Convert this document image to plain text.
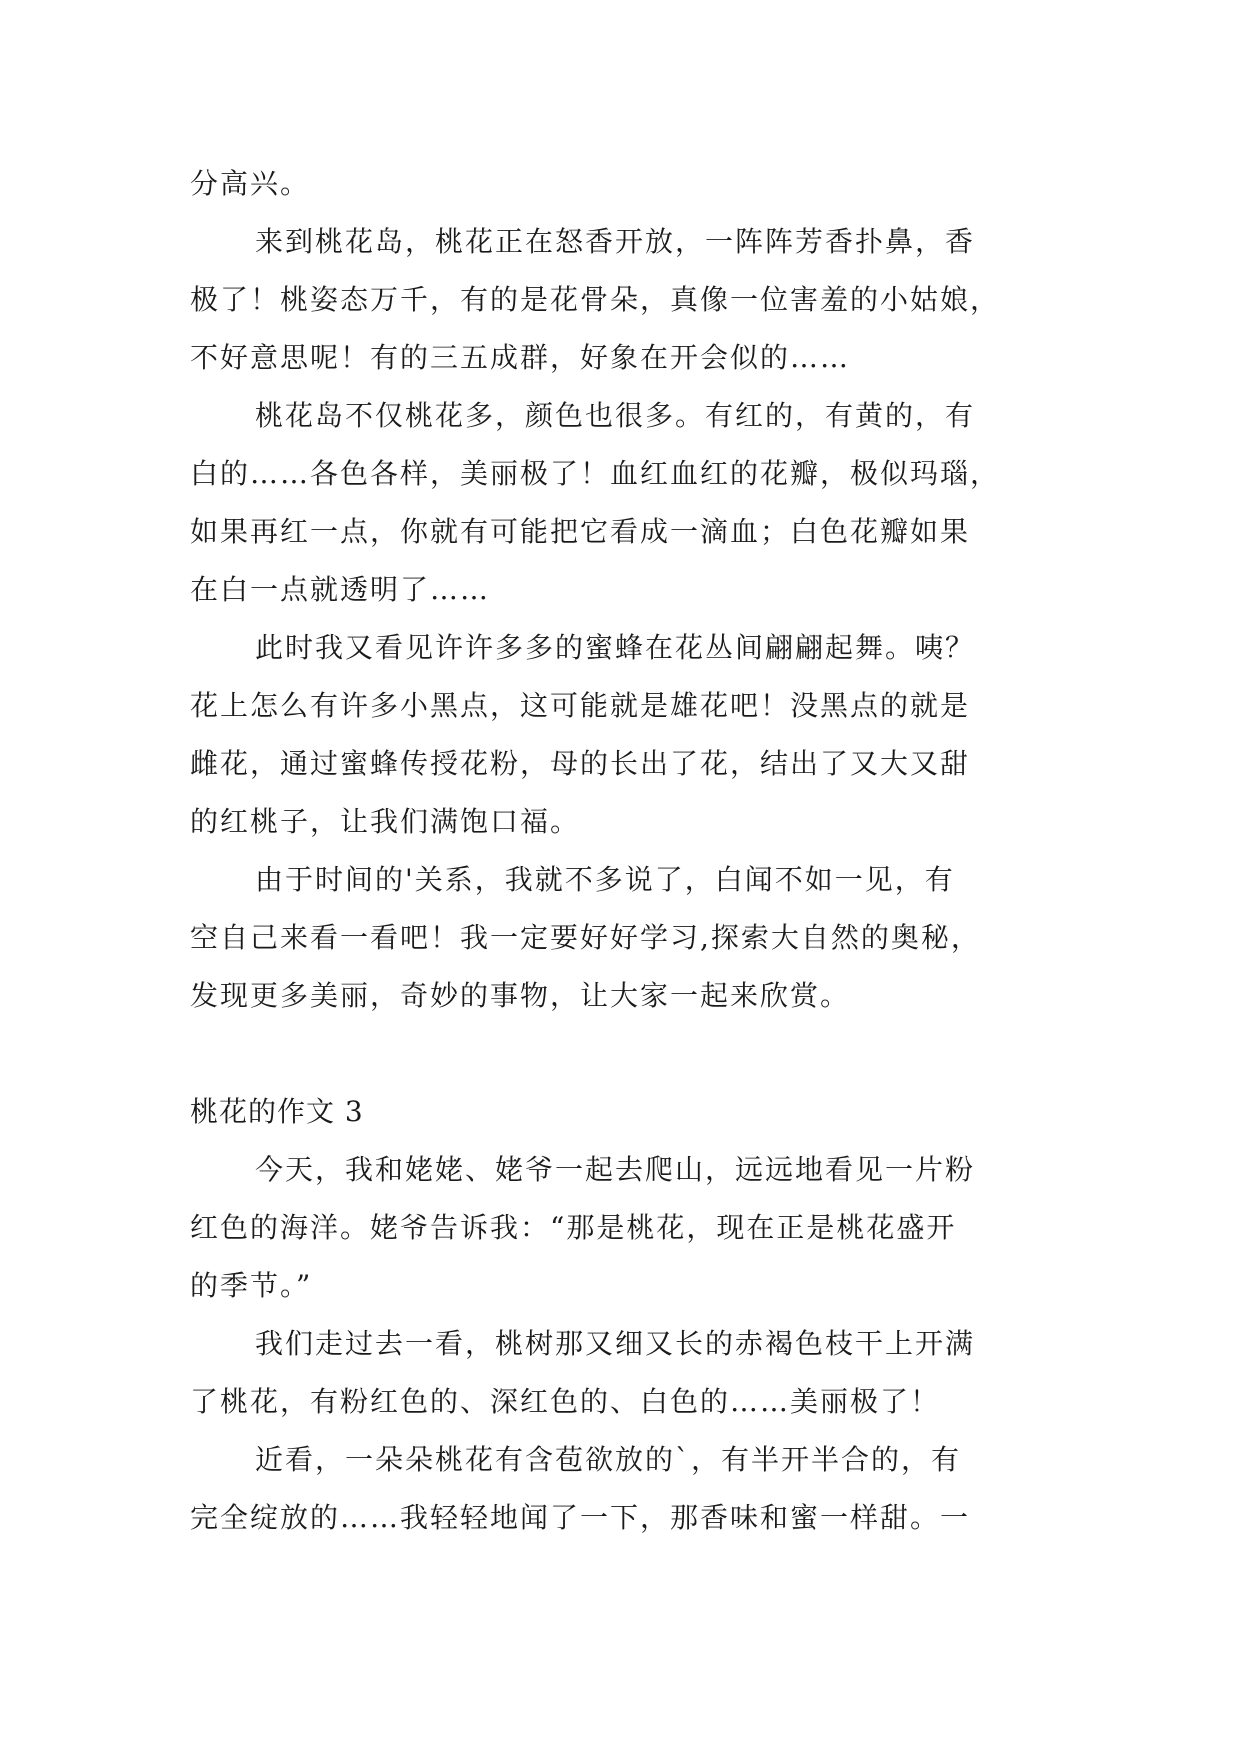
分高兴。
来到桃花岛，桃花正在怒香开放，一阵阵芳香扑鼻，香
极了！桃姿态万千，有的是花骨朵，真像一位害羞的小姑娘，
不好意思呢！有的三五成群，好象在开会似的……
桃花岛不仅桃花多，颜色也很多。有红的，有黄的，有
白的……各色各样，美丽极了！血红血红的花瓣，极似玛瑙，
如果再红一点，你就有可能把它看成一滴血；白色花瓣如果
在白一点就透明了……
此时我又看见许许多多的蜜蜂在花丛间翩翩起舞。咦？
花上怎么有许多小黑点，这可能就是雄花吧！没黑点的就是
雌花，通过蜜蜂传授花粉，母的长出了花，结出了又大又甜
的红桃子，让我们满饱口福。
由于时间的'关系，我就不多说了，白闻不如一见，有
空自己来看一看吧！我一定要好好学习,探索大自然的奥秘，
发现更多美丽，奇妙的事物，让大家一起来欣赏。
桃花的作文 3
今天，我和姥姥、姥爷一起去爬山，远远地看见一片粉
红色的海洋。姥爷告诉我：“那是桃花，现在正是桃花盛开
的季节。”
我们走过去一看，桃树那又细又长的赤褐色枝干上开满
了桃花，有粉红色的、深红色的、白色的……美丽极了！
近看，一朵朵桃花有含苞欲放的`，有半开半合的，有
完全绽放的……我轻轻地闻了一下，那香味和蜜一样甜。一
